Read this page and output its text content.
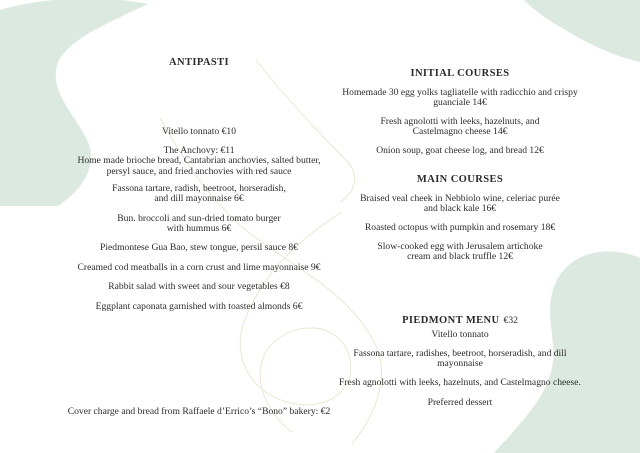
ANTIPASTI
Vitello tonnato €10
The Anchovy: €11
Home made brioche bread, Cantabrian anchovies, salted butter,
persyl sauce, and fried anchovies with red sauce
Fassona tartare, radish, beetroot, horseradish,
and dill mayonnaise 6€
Bun. broccoli and sun-dried tomato burger
with hummus 6€
Piedmontese Gua Bao, stew tongue, persil sauce 8€
Creamed cod meatballs in a corn crust and lime mayonnaise 9€
Rabbit salad with sweet and sour vegetables €8
Eggplant caponata garnished with toasted almonds 6€
Cover charge and bread from Raffaele d’Errico’s “Bono” bakery: €2
INITIAL COURSES
Homemade 30 egg yolks tagliatelle with radicchio and crispy
guanciale 14€
Fresh agnolotti with leeks, hazelnuts, and
Castelmagno cheese 14€
Onion soup, goat cheese log, and bread 12€
MAIN COURSES
Braised veal cheek in Nebbiolo wine, celeriac purée
and black kale 16€
Roasted octopus with pumpkin and rosemary 18€
Slow-cooked egg with Jerusalem artichoke
cream and black truffle 12€
PIEDMONT MENU €32
Vitello tonnato
Fassona tartare, radishes, beetroot, horseradish, and dill
mayonnaise
Fresh agnolotti with leeks, hazelnuts, and Castelmagno cheese.
Preferred dessert
